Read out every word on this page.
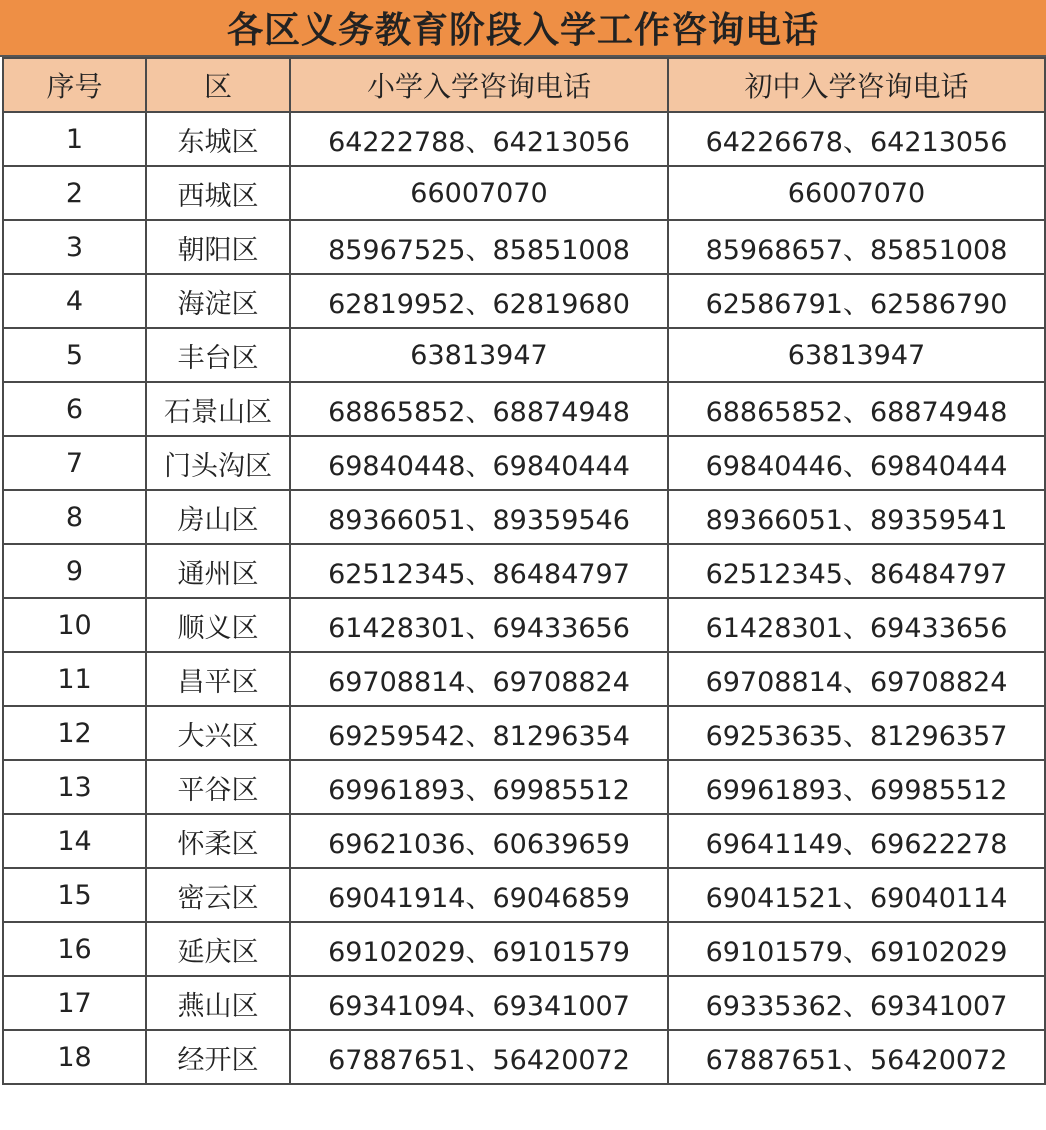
各区义务教育阶段入学工作咨询电话
序号	区	小学入学咨询电话	初中入学咨询电话
1	东城区	64222788、64213056	64226678、64213056
2	西城区	66007070	66007070
3	朝阳区	85967525、85851008	85968657、85851008
4	海淀区	62819952、62819680	62586791、62586790
5	丰台区	63813947	63813947
6	石景山区	68865852、68874948	68865852、68874948
7	门头沟区	69840448、69840444	69840446、69840444
8	房山区	89366051、89359546	89366051、89359541
9	通州区	62512345、86484797	62512345、86484797
10	顺义区	61428301、69433656	61428301、69433656
11	昌平区	69708814、69708824	69708814、69708824
12	大兴区	69259542、81296354	69253635、81296357
13	平谷区	69961893、69985512	69961893、69985512
14	怀柔区	69621036、60639659	69641149、69622278
15	密云区	69041914、69046859	69041521、69040114
16	延庆区	69102029、69101579	69101579、69102029
17	燕山区	69341094、69341007	69335362、69341007
18	经开区	67887651、56420072	67887651、56420072
